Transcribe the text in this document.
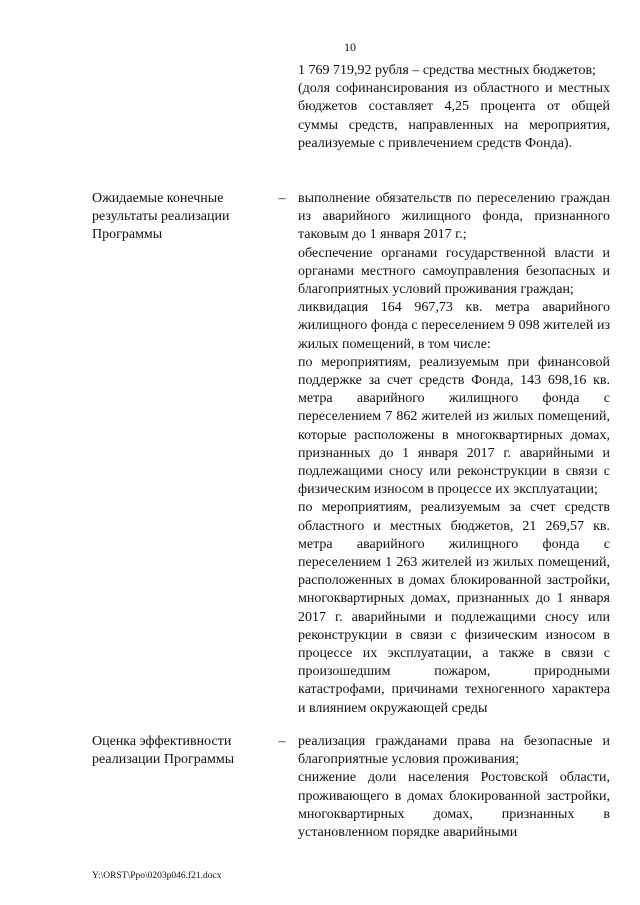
10

1 769 719,92 рубля – средства местных бюджетов;

(доля софинансирования из областного и местных бюджетов составляет 4,25 процента от общей суммы средств, направленных на мероприятия, реализуемые с привлечением средств Фонда).

Ожидаемые конечные результаты реализации Программы
– выполнение обязательств по переселению граждан из аварийного жилищного фонда, признанного таковым до 1 января 2017 г.;

обеспечение органами государственной власти и органами местного самоуправления безопасных и благоприятных условий проживания граждан;

ликвидация 164 967,73 кв. метра аварийного жилищного фонда с переселением 9 098 жителей из жилых помещений, в том числе:

по мероприятиям, реализуемым при финансовой поддержке за счет средств Фонда, 143 698,16 кв. метра аварийного жилищного фонда с переселением 7 862 жителей из жилых помещений, которые расположены в многоквартирных домах, признанных до 1 января 2017 г. аварийными и подлежащими сносу или реконструкции в связи с физическим износом в процессе их эксплуатации;

по мероприятиям, реализуемым за счет средств областного и местных бюджетов, 21 269,57 кв. метра аварийного жилищного фонда с переселением 1 263 жителей из жилых помещений, расположенных в домах блокированной застройки, многоквартирных домах, признанных до 1 января 2017 г. аварийными и подлежащими сносу или реконструкции в связи с физическим износом в процессе их эксплуатации, а также в связи с произошедшим пожаром, природными катастрофами, причинами техногенного характера и влиянием окружающей среды

Оценка эффективности реализации Программы
– реализация гражданами права на безопасные и благоприятные условия проживания;

снижение доли населения Ростовской области, проживающего в домах блокированной застройки, многоквартирных домах, признанных в установленном порядке аварийными

Y:\ORST\Ppo\0203p046.f21.docx
